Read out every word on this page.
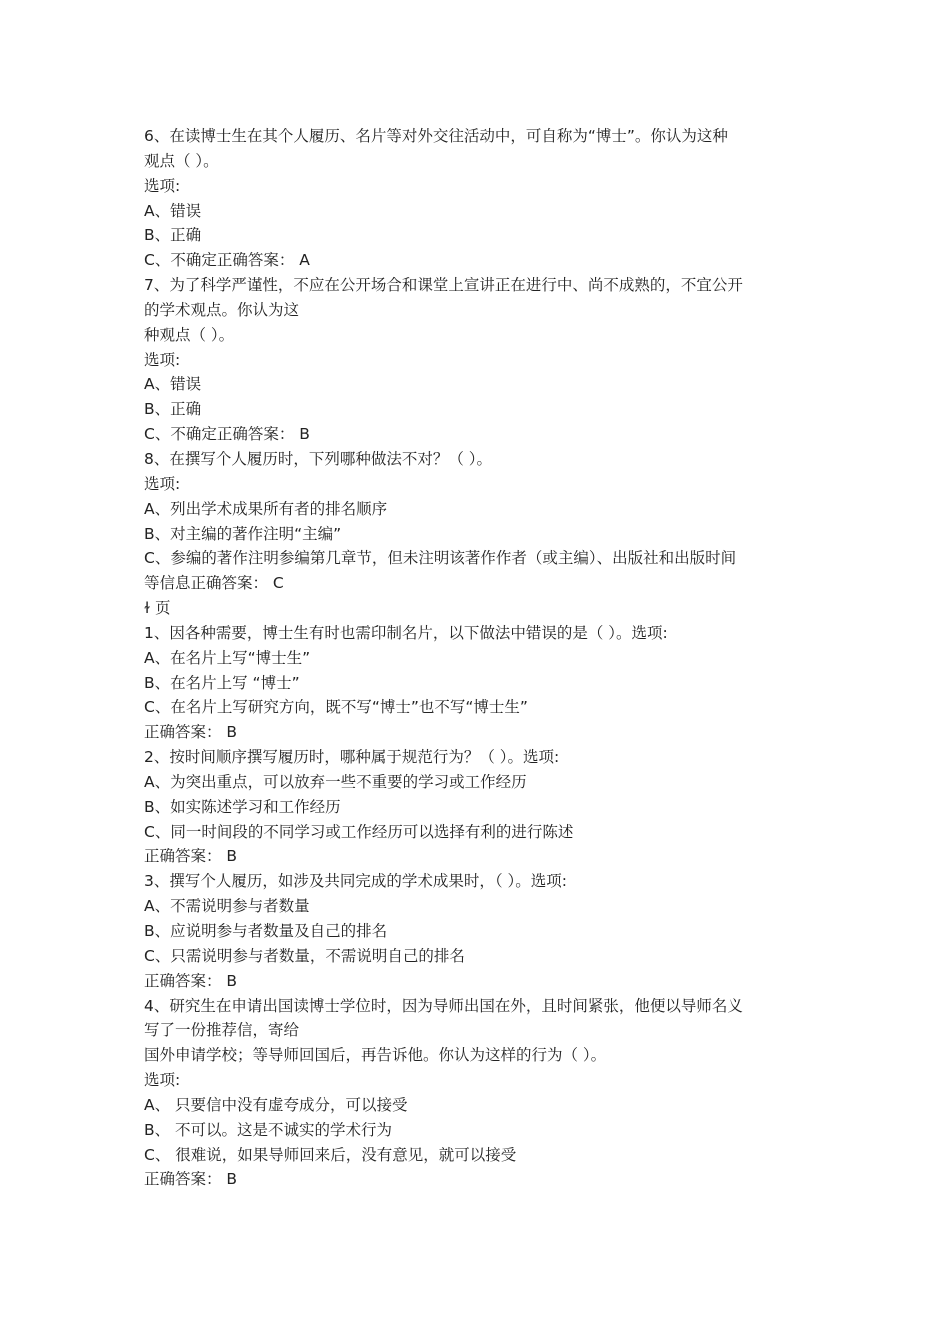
6、在读博士生在其个人履历、名片等对外交往活动中，可自称为“博士”。你认为这种
观点（ ）。
选项:
A、错误
B、正确
C、不确定正确答案： A
7、为了科学严谨性，不应在公开场合和课堂上宣讲正在进行中、尚不成熟的，不宜公开
的学术观点。你认为这
种观点（ ）。
选项:
A、错误
B、正确
C、不确定正确答案： B
8、在撰写个人履历时，下列哪种做法不对？（ ）。
选项:
A、列出学术成果所有者的排名顺序
B、对主编的著作注明“主编”
C、参编的著作注明参编第几章节，但未注明该著作作者（或主编）、出版社和出版时间
等信息正确答案： C
ɫ 页
1、因各种需要，博士生有时也需印制名片，以下做法中错误的是（ ）。选项:
A、在名片上写“博士生”
B、在名片上写 “博士”
C、在名片上写研究方向，既不写“博士”也不写“博士生”
正确答案： B
2、按时间顺序撰写履历时，哪种属于规范行为？（ ）。选项:
A、为突出重点，可以放弃一些不重要的学习或工作经历
B、如实陈述学习和工作经历
C、同一时间段的不同学习或工作经历可以选择有利的进行陈述
正确答案： B
3、撰写个人履历，如涉及共同完成的学术成果时，（ ）。选项:
A、不需说明参与者数量
B、应说明参与者数量及自己的排名
C、只需说明参与者数量，不需说明自己的排名
正确答案： B
4、研究生在申请出国读博士学位时，因为导师出国在外，且时间紧张，他便以导师名义
写了一份推荐信，寄给
国外申请学校；等导师回国后，再告诉他。你认为这样的行为（ ）。
选项:
A、 只要信中没有虚夸成分，可以接受
B、 不可以。这是不诚实的学术行为
C、 很难说，如果导师回来后，没有意见，就可以接受
正确答案： B
